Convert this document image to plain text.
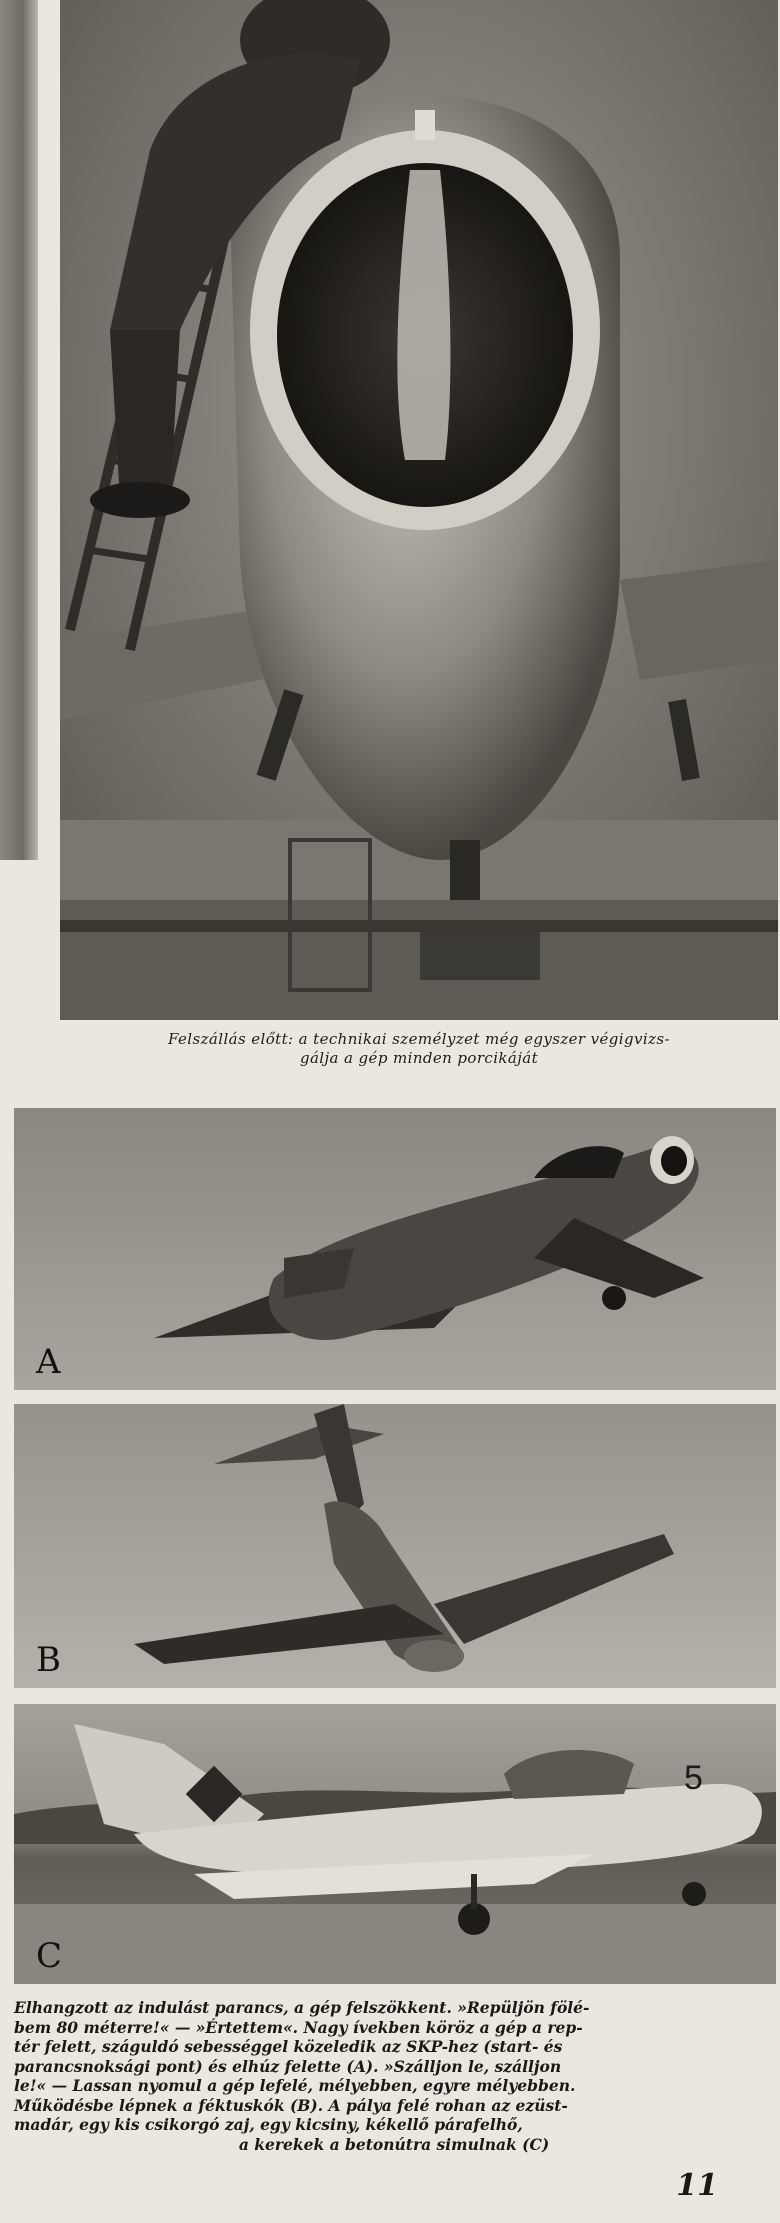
Felszállás előtt: a technikai személyzet még egyszer végigvizs-
gálja a gép minden porcikáját
A
B
5
C

Elhangzott az indulást parancs, a gép felszökkent. »Repüljön fölé-

bem 80 méterre!« — »Értettem«. Nagy ívekben köröz a gép a rep-

tér felett, száguldó sebességgel közeledik az SKP-hez (start- és

parancsnoksági pont) és elhúz felette (A). »Szálljon le, szálljon

le!« — Lassan nyomul a gép lefelé, mélyebben, egyre mélyebben.

Működésbe lépnek a féktuskók (B). A pálya felé rohan az ezüst-

madár, egy kis csikorgó zaj, egy kicsiny, kékellő párafelhő,

a kerekek a betonútra simulnak (C)

11
